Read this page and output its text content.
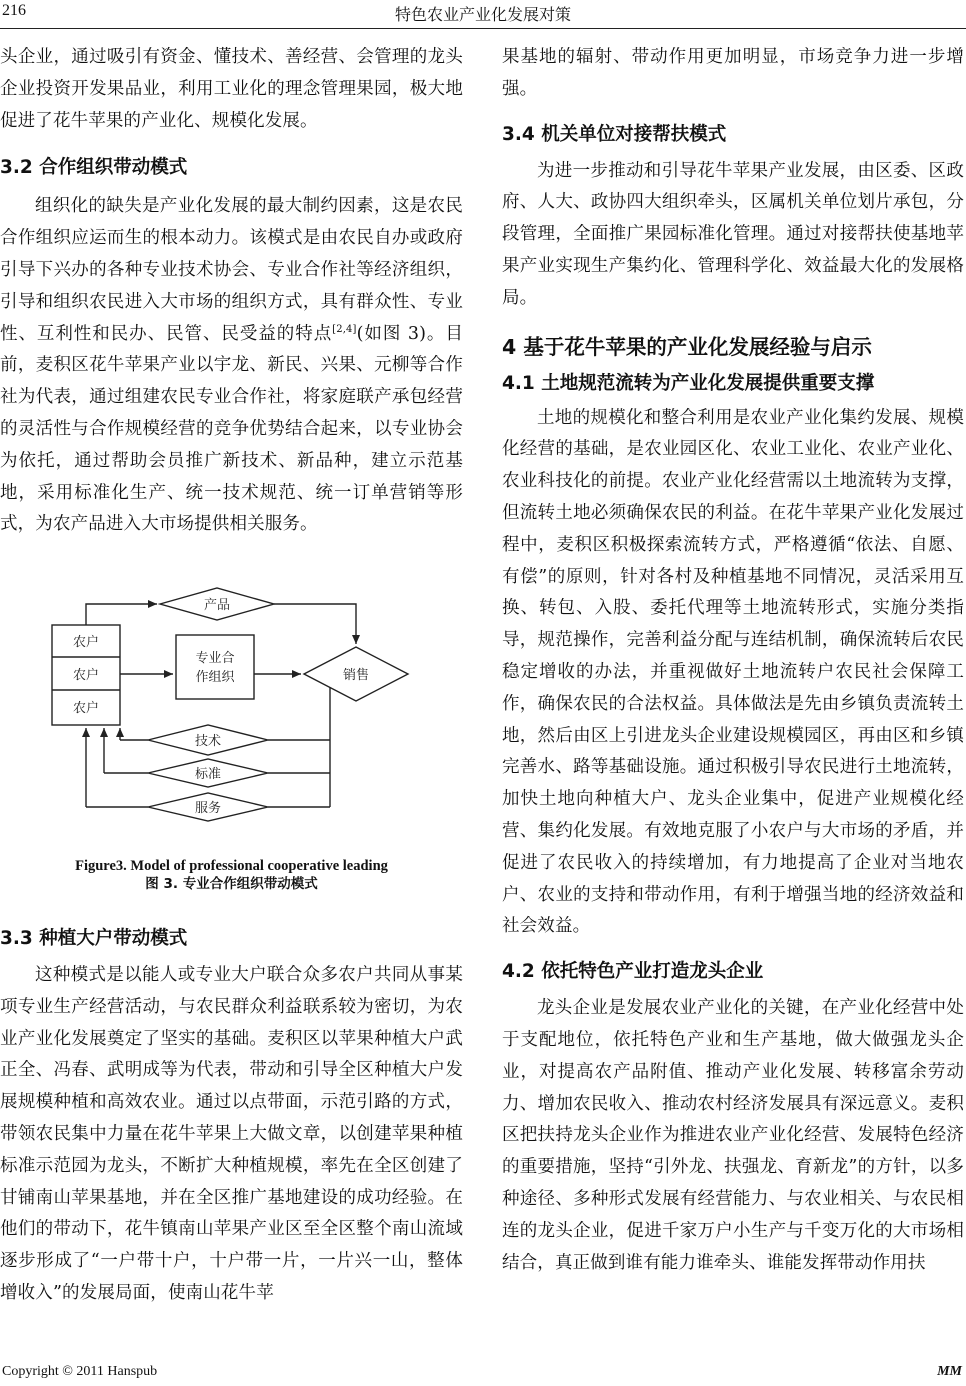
216	特色农业产业化发展对策

头企业，通过吸引有资金、懂技术、善经营、会管理的龙头企业投资开发果品业，利用工业化的理念管理果园，极大地促进了花牛苹果的产业化、规模化发展。

3.2 合作组织带动模式

组织化的缺失是产业化发展的最大制约因素，这是农民合作组织应运而生的根本动力。该模式是由农民自办或政府引导下兴办的各种专业技术协会、专业合作社等经济组织，引导和组织农民进入大市场的组织方式，具有群众性、专业性、互利性和民办、民管、民受益的特点[2,4](如图 3)。目前，麦积区花牛苹果产业以宇龙、新民、兴果、元柳等合作社为代表，通过组建农民专业合作社，将家庭联产承包经营的灵活性与合作规模经营的竞争优势结合起来，以专业协会为依托，通过帮助会员推广新技术、新品种，建立示范基地，采用标准化生产、统一技术规范、统一订单营销等形式，为农产品进入大市场提供相关服务。

产品
农户
农户
农户
专业合
作组织	销售
技术
标准
服务

Figure3. Model of professional cooperative leading

图 3. 专业合作组织带动模式

3.3 种植大户带动模式

这种模式是以能人或专业大户联合众多农户共同从事某项专业生产经营活动，与农民群众利益联系较为密切，为农业产业化发展奠定了坚实的基础。麦积区以苹果种植大户武正全、冯春、武明成等为代表，带动和引导全区种植大户发展规模种植和高效农业。通过以点带面，示范引路的方式，带领农民集中力量在花牛苹果上大做文章，以创建苹果种植标准示范园为龙头，不断扩大种植规模，率先在全区创建了甘铺南山苹果基地，并在全区推广基地建设的成功经验。在他们的带动下，花牛镇南山苹果产业区至全区整个南山流域逐步形成了“一户带十户，十户带一片，一片兴一山，整体增收入”的发展局面，使南山花牛苹

果基地的辐射、带动作用更加明显，市场竞争力进一步增强。

3.4 机关单位对接帮扶模式

为进一步推动和引导花牛苹果产业发展，由区委、区政府、人大、政协四大组织牵头，区属机关单位划片承包，分段管理，全面推广果园标准化管理。通过对接帮扶使基地苹果产业实现生产集约化、管理科学化、效益最大化的发展格局。

4 基于花牛苹果的产业化发展经验与启示
4.1 土地规范流转为产业化发展提供重要支撑

土地的规模化和整合利用是农业产业化集约发展、规模化经营的基础，是农业园区化、农业工业化、农业产业化、农业科技化的前提。农业产业化经营需以土地流转为支撑，但流转土地必须确保农民的利益。在花牛苹果产业化发展过程中，麦积区积极探索流转方式，严格遵循“依法、自愿、有偿”的原则，针对各村及种植基地不同情况，灵活采用互换、转包、入股、委托代理等土地流转形式，实施分类指导，规范操作，完善利益分配与连结机制，确保流转后农民稳定增收的办法，并重视做好土地流转户农民社会保障工作，确保农民的合法权益。具体做法是先由乡镇负责流转土地，然后由区上引进龙头企业建设规模园区，再由区和乡镇完善水、路等基础设施。通过积极引导农民进行土地流转，加快土地向种植大户、龙头企业集中，促进产业规模化经营、集约化发展。有效地克服了小农户与大市场的矛盾，并促进了农民收入的持续增加，有力地提高了企业对当地农户、农业的支持和带动作用，有利于增强当地的经济效益和社会效益。

4.2 依托特色产业打造龙头企业

龙头企业是发展农业产业化的关键，在产业化经营中处于支配地位，依托特色产业和生产基地，做大做强龙头企业，对提高农产品附值、推动产业化发展、转移富余劳动力、增加农民收入、推动农村经济发展具有深远意义。麦积区把扶持龙头企业作为推进农业产业化经营、发展特色经济的重要措施，坚持“引外龙、扶强龙、育新龙”的方针，以多种途径、多种形式发展有经营能力、与农业相关、与农民相连的龙头企业，促进千家万户小生产与千变万化的大市场相结合，真正做到谁有能力谁牵头、谁能发挥带动作用扶

Copyright © 2011 Hanspub	MM
